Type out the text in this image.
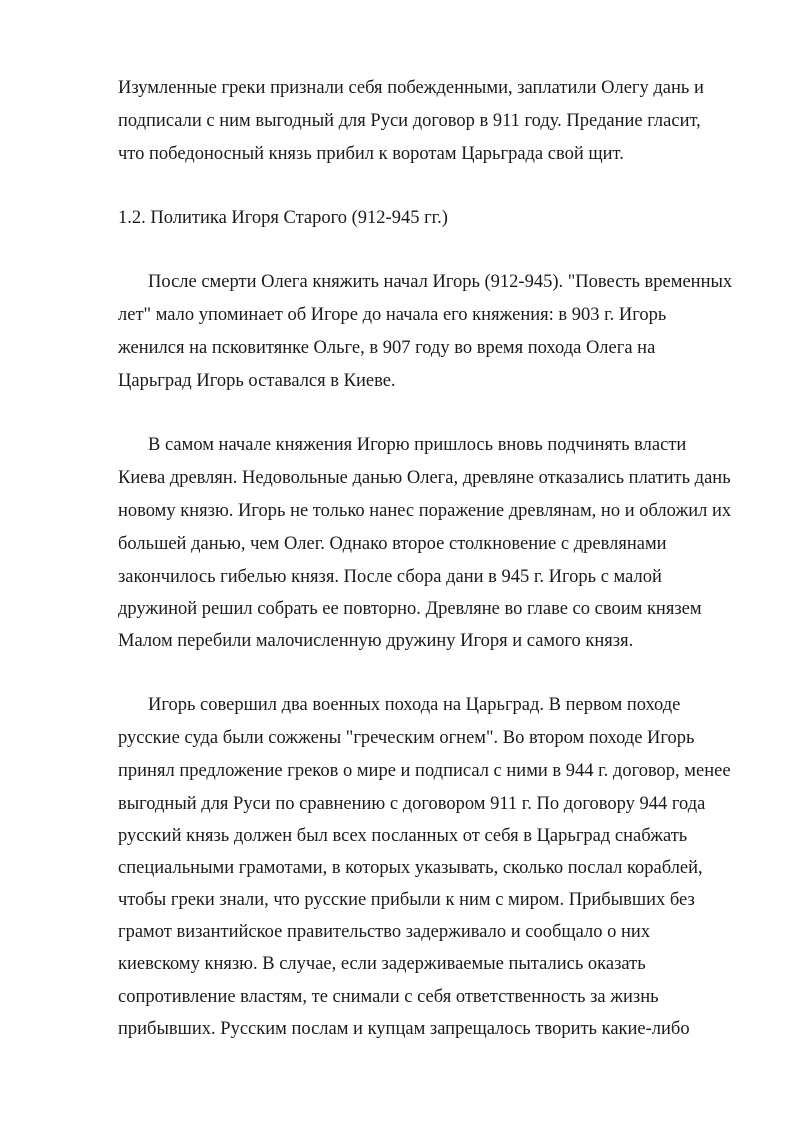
Изумленные греки признали себя побежденными, заплатили Олегу дань и
подписали с ним выгодный для Руси договор в 911 году. Предание гласит,
что победоносный князь прибил к воротам Царьграда свой щит.
1.2. Политика Игоря Старого (912-945 гг.)
После смерти Олега княжить начал Игорь (912-945). "Повесть временных
лет" мало упоминает об Игоре до начала его княжения: в 903 г. Игорь
женился на псковитянке Ольге, в 907 году во время похода Олега на
Царьград Игорь оставался в Киеве.
В самом начале княжения Игорю пришлось вновь подчинять власти
Киева древлян. Недовольные данью Олега, древляне отказались платить дань
новому князю. Игорь не только нанес поражение древлянам, но и обложил их
большей данью, чем Олег. Однако второе столкновение с древлянами
закончилось гибелью князя. После сбора дани в 945 г. Игорь с малой
дружиной решил собрать ее повторно. Древляне во главе со своим князем
Малом перебили малочисленную дружину Игоря и самого князя.
Игорь совершил два военных похода на Царьград. В первом походе
русские суда были сожжены "греческим огнем". Во втором походе Игорь
принял предложение греков о мире и подписал с ними в 944 г. договор, менее
выгодный для Руси по сравнению с договором 911 г. По договору 944 года
русский князь должен был всех посланных от себя в Царьград снабжать
специальными грамотами, в которых указывать, сколько послал кораблей,
чтобы греки знали, что русские прибыли к ним с миром. Прибывших без
грамот византийское правительство задерживало и сообщало о них
киевскому князю. В случае, если задерживаемые пытались оказать
сопротивление властям, те снимали с себя ответственность за жизнь
прибывших. Русским послам и купцам запрещалось творить какие-либо
